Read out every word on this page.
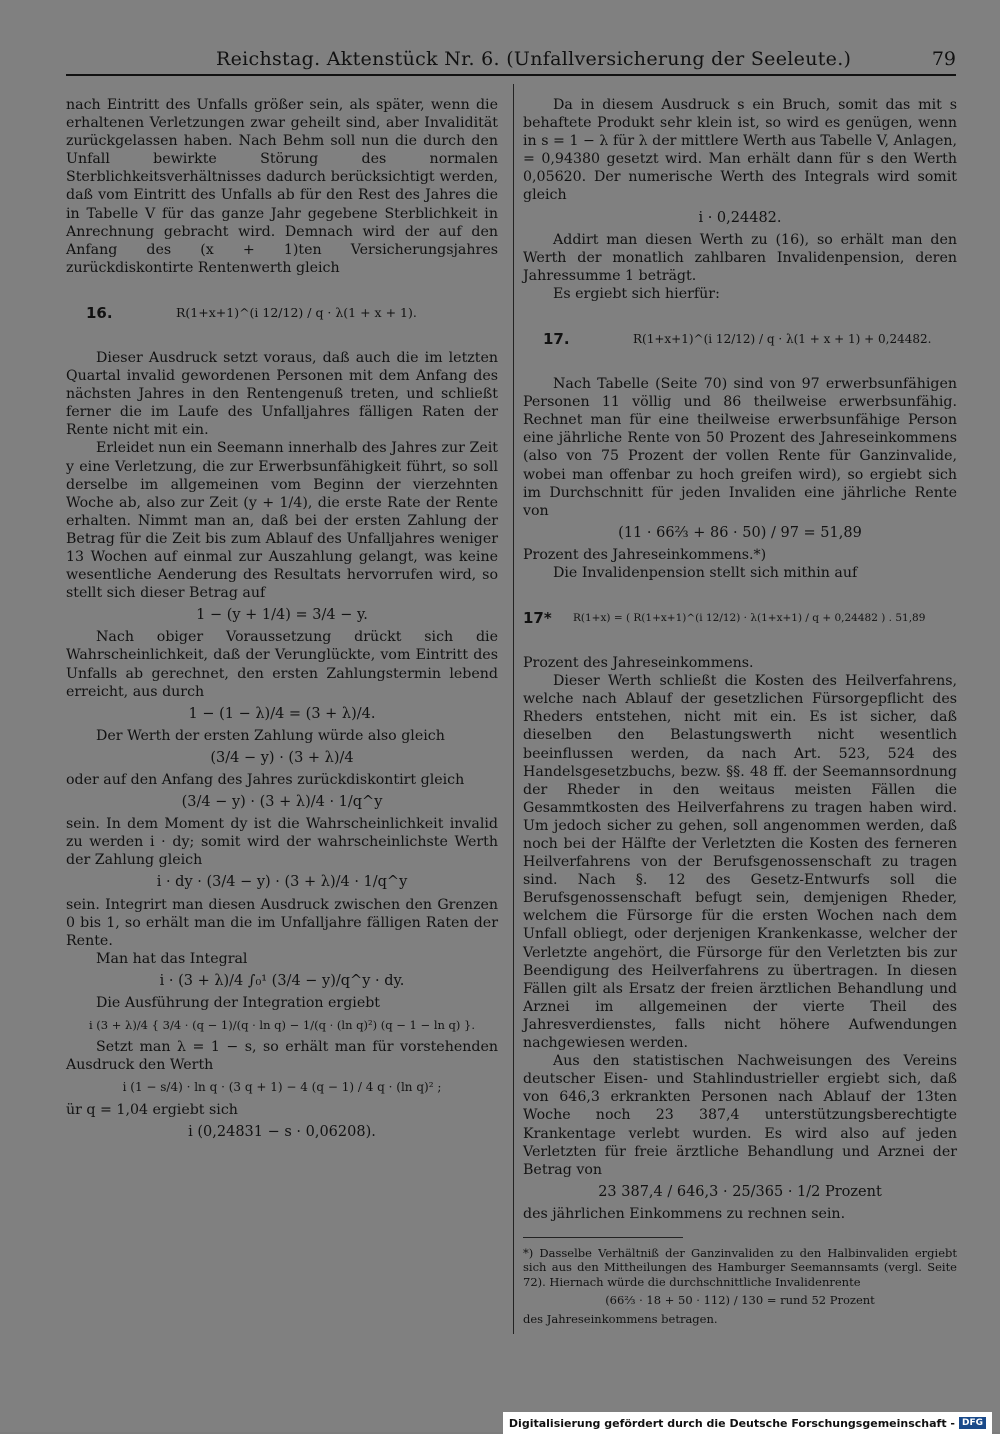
Reichstag. Aktenstück Nr. 6. (Unfallversicherung der Seeleute.)	79

nach Eintritt des Unfalls größer sein, als später, wenn die erhaltenen Verletzungen zwar geheilt sind, aber Invalidität zurückgelassen haben. Nach Behm soll nun die durch den Unfall bewirkte Störung des normalen Sterblichkeitsverhältnisses dadurch berücksichtigt werden, daß vom Eintritt des Unfalls ab für den Rest des Jahres die in Tabelle V für das ganze Jahr gegebene Sterblichkeit in Anrechnung gebracht wird. Demnach wird der auf den Anfang des (x + 1)ten Versicherungsjahres zurückdiskontirte Rentenwerth gleich

16.	R(1+x+1)^(i 12/12) / q · λ(1 + x + 1).

Dieser Ausdruck setzt voraus, daß auch die im letzten Quartal invalid gewordenen Personen mit dem Anfang des nächsten Jahres in den Rentengenuß treten, und schließt ferner die im Laufe des Unfalljahres fälligen Raten der Rente nicht mit ein.

Erleidet nun ein Seemann innerhalb des Jahres zur Zeit y eine Verletzung, die zur Erwerbsunfähigkeit führt, so soll derselbe im allgemeinen vom Beginn der vierzehnten Woche ab, also zur Zeit (y + 1/4), die erste Rate der Rente erhalten. Nimmt man an, daß bei der ersten Zahlung der Betrag für die Zeit bis zum Ablauf des Unfalljahres weniger 13 Wochen auf einmal zur Auszahlung gelangt, was keine wesentliche Aenderung des Resultats hervorrufen wird, so stellt sich dieser Betrag auf

1 − (y + 1/4) = 3/4 − y.

Nach obiger Voraussetzung drückt sich die Wahrscheinlichkeit, daß der Verunglückte, vom Eintritt des Unfalls ab gerechnet, den ersten Zahlungstermin lebend erreicht, aus durch

1 − (1 − λ)/4 = (3 + λ)/4.

Der Werth der ersten Zahlung würde also gleich

(3/4 − y) · (3 + λ)/4

oder auf den Anfang des Jahres zurückdiskontirt gleich

(3/4 − y) · (3 + λ)/4 · 1/q^y

sein. In dem Moment dy ist die Wahrscheinlichkeit invalid zu werden i · dy; somit wird der wahrscheinlichste Werth der Zahlung gleich

i · dy · (3/4 − y) · (3 + λ)/4 · 1/q^y

sein. Integrirt man diesen Ausdruck zwischen den Grenzen 0 bis 1, so erhält man die im Unfalljahre fälligen Raten der Rente.

Man hat das Integral

i · (3 + λ)/4 ∫₀¹ (3/4 − y)/q^y · dy.

Die Ausführung der Integration ergiebt

i (3 + λ)/4 { 3/4 · (q − 1)/(q · ln q) − 1/(q · (ln q)²) (q − 1 − ln q) }.

Setzt man λ = 1 − s, so erhält man für vorstehenden Ausdruck den Werth

i (1 − s/4) · ln q · (3 q + 1) − 4 (q − 1) / 4 q · (ln q)² ;

ür q = 1,04 ergiebt sich

i (0,24831 − s · 0,06208).

Da in diesem Ausdruck s ein Bruch, somit das mit s behaftete Produkt sehr klein ist, so wird es genügen, wenn in s = 1 − λ für λ der mittlere Werth aus Tabelle V, Anlagen, = 0,94380 gesetzt wird. Man erhält dann für s den Werth 0,05620. Der numerische Werth des Integrals wird somit gleich

i · 0,24482.

Addirt man diesen Werth zu (16), so erhält man den Werth der monatlich zahlbaren Invalidenpension, deren Jahressumme 1 beträgt.

Es ergiebt sich hierfür:

17.	R(1+x+1)^(i 12/12) / q · λ(1 + x + 1) + 0,24482.

Nach Tabelle (Seite 70) sind von 97 erwerbsunfähigen Personen 11 völlig und 86 theilweise erwerbsunfähig. Rechnet man für eine theilweise erwerbsunfähige Person eine jährliche Rente von 50 Prozent des Jahreseinkommens (also von 75 Prozent der vollen Rente für Ganzinvalide, wobei man offenbar zu hoch greifen wird), so ergiebt sich im Durchschnitt für jeden Invaliden eine jährliche Rente von

(11 · 66⅔ + 86 · 50) / 97 = 51,89

Prozent des Jahreseinkommens.*)

Die Invalidenpension stellt sich mithin auf

17*	R(1+x) = ( R(1+x+1)^(i 12/12) · λ(1+x+1) / q + 0,24482 ) . 51,89

Prozent des Jahreseinkommens.

Dieser Werth schließt die Kosten des Heilverfahrens, welche nach Ablauf der gesetzlichen Fürsorgepflicht des Rheders entstehen, nicht mit ein. Es ist sicher, daß dieselben den Belastungswerth nicht wesentlich beeinflussen werden, da nach Art. 523, 524 des Handelsgesetzbuchs, bezw. §§. 48 ff. der Seemannsordnung der Rheder in den weitaus meisten Fällen die Gesammtkosten des Heilverfahrens zu tragen haben wird. Um jedoch sicher zu gehen, soll angenommen werden, daß noch bei der Hälfte der Verletzten die Kosten des ferneren Heilverfahrens von der Berufsgenossenschaft zu tragen sind. Nach §. 12 des Gesetz-Entwurfs soll die Berufsgenossenschaft befugt sein, demjenigen Rheder, welchem die Fürsorge für die ersten Wochen nach dem Unfall obliegt, oder derjenigen Krankenkasse, welcher der Verletzte angehört, die Fürsorge für den Verletzten bis zur Beendigung des Heilverfahrens zu übertragen. In diesen Fällen gilt als Ersatz der freien ärztlichen Behandlung und Arznei im allgemeinen der vierte Theil des Jahresverdienstes, falls nicht höhere Aufwendungen nachgewiesen werden.

Aus den statistischen Nachweisungen des Vereins deutscher Eisen- und Stahlindustrieller ergiebt sich, daß von 646,3 erkrankten Personen nach Ablauf der 13ten Woche noch 23 387,4 unterstützungsberechtigte Krankentage verlebt wurden. Es wird also auf jeden Verletzten für freie ärztliche Behandlung und Arznei der Betrag von

23 387,4 / 646,3 · 25/365 · 1/2 Prozent

des jährlichen Einkommens zu rechnen sein.

*) Dasselbe Verhältniß der Ganzinvaliden zu den Halbinvaliden ergiebt sich aus den Mittheilungen des Hamburger Seemannsamts (vergl. Seite 72). Hiernach würde die durchschnittliche Invalidenrente

(66⅔ · 18 + 50 · 112) / 130 = rund 52 Prozent

des Jahreseinkommens betragen.

Digitalisierung gefördert durch die Deutsche Forschungsgemeinschaft - DFG
